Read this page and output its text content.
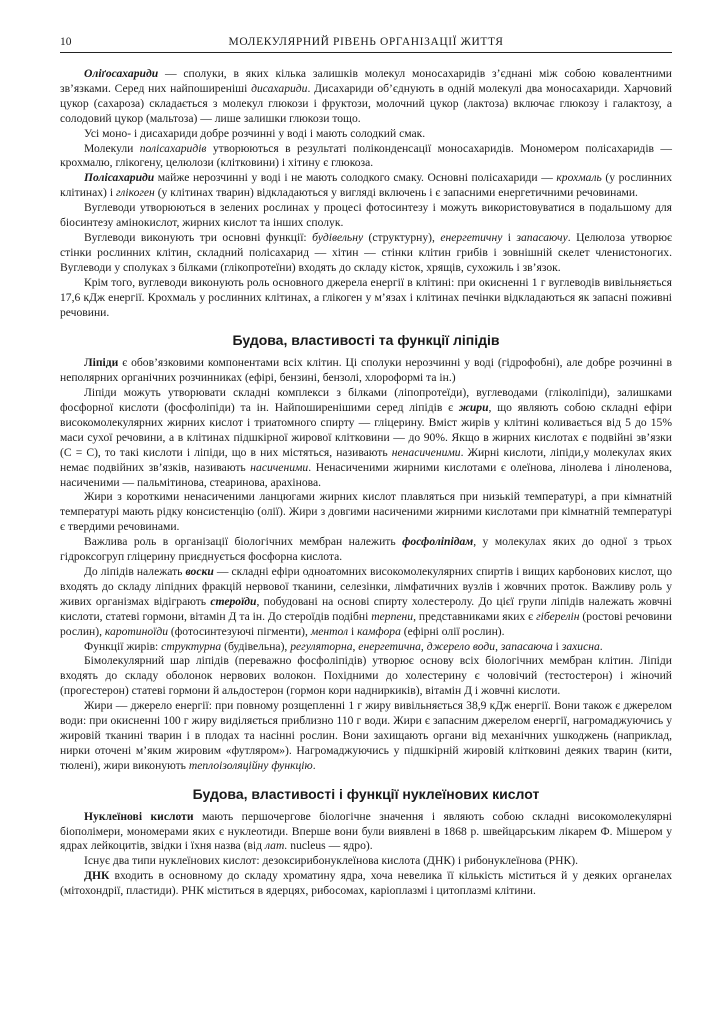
10	МОЛЕКУЛЯРНИЙ РІВЕНЬ ОРГАНІЗАЦІЇ ЖИТТЯ

Оліґосахариди — сполуки, в яких кілька залишків молекул моносахаридів з’єднані між собою ковалентними зв’язками. Серед них найпоширеніші дисахариди. Дисахариди об’єднують в одній молекулі два моносахариди. Харчовий цукор (сахароза) складається з молекул глюкози і фруктози, молочний цукор (лактоза) включає глюкозу і галактозу, а солодовий цукор (мальтоза) — лише залишки глюкози тощо.

Усі моно- і дисахариди добре розчинні у воді і мають солодкий смак.

Молекули полісахаридів утворюються в результаті поліконденсації моносахаридів. Мономером полісахаридів — крохмалю, глікогену, целюлози (клітковини) і хітину є глюкоза.

Полісахариди майже нерозчинні у воді і не мають солодкого смаку. Основні полісахариди — крохмаль (у рослинних клітинах) і глікоген (у клітинах тварин) відкладаються у вигляді включень і є запасними енергетичними речовинами.

Вуглеводи утворюються в зелених рослинах у процесі фотосинтезу і можуть використовуватися в подальшому для біосинтезу амінокислот, жирних кислот та інших сполук.

Вуглеводи виконують три основні функції: будівельну (структурну), енергетичну і запасаючу. Целюлоза утворює стінки рослинних клітин, складний полісахарид — хітин — стінки клітин грибів і зовнішній скелет членистоногих. Вуглеводи у сполуках з білками (глікопротеїни) входять до складу кісток, хрящів, сухожиль і зв’язок.

Крім того, вуглеводи виконують роль основного джерела енергії в клітині: при окисненні 1 г вуглеводів вивільняється 17,6 кДж енергії. Крохмаль у рослинних клітинах, а глікоген у м’язах і клітинах печінки відкладаються як запасні поживні речовини.

Будова, властивості та функції ліпідів

Ліпіди є обов’язковими компонентами всіх клітин. Ці сполуки нерозчинні у воді (гідрофобні), але добре розчинні в неполярних органічних розчинниках (ефірі, бензині, бензолі, хлороформі та ін.)

Ліпіди можуть утворювати складні комплекси з білками (ліпопротеїди), вуглеводами (гліколіпіди), залишками фосфорної кислоти (фосфоліпіди) та ін. Найпоширенішими серед ліпідів є жири, що являють собою складні ефіри високомолекулярних жирних кислот і триатомного спирту — гліцерину. Вміст жирів у клітині коливається від 5 до 15% маси сухої речовини, а в клітинах підшкірної жирової клітковини — до 90%. Якщо в жирних кислотах є подвійні зв’язки (С = С), то такі кислоти і ліпіди, що в них містяться, називають ненасиченими. Жирні кислоти, ліпіди,у молекулах яких немає подвійних зв’язків, називають насиченими. Ненасиченими жирними кислотами є олеїнова, лінолева і ліноленова, насиченими — пальмітинова, стеаринова, арахінова.

Жири з короткими ненасиченими ланцюгами жирних кислот плавляться при низькій температурі, а при кімнатній температурі мають рідку консистенцію (олії). Жири з довгими насиченими жирними кислотами при кімнатній температурі є твердими речовинами.

Важлива роль в організації біологічних мембран належить фосфоліпідам, у молекулах яких до одної з трьох гідроксогруп гліцерину приєднується фосфорна кислота.

До ліпідів належать воски — складні ефіри одноатомних високомолекулярних спиртів і вищих карбонових кислот, що входять до складу ліпідних фракцій нервової тканини, селезінки, лімфатичних вузлів і жовчних проток. Важливу роль у живих організмах відіграють стероїди, побудовані на основі спирту холестеролу. До цієї групи ліпідів належать жовчні кислоти, статеві гормони, вітамін Д та ін. До стероїдів подібні терпени, представниками яких є гіберелін (ростові речовини рослин), каротиноїди (фотосинтезуючі пігменти), ментол і камфора (ефірні олії рослин).

Функції жирів: структурна (будівельна), регуляторна, енергетична, джерело води, запасаюча і захисна.

Бімолекулярний шар ліпідів (переважно фосфоліпідів) утворює основу всіх біологічних мембран клітин. Ліпіди входять до складу оболонок нервових волокон. Похідними до холестерину є чоловічий (тестостерон) і жіночий (прогестерон) статеві гормони й альдостерон (гормон кори надниркиків), вітамін Д і жовчні кислоти.

Жири — джерело енергії: при повному розщепленні 1 г жиру вивільняється 38,9 кДж енергії. Вони також є джерелом води: при окисненні 100 г жиру виділяється приблизно 110 г води. Жири є запасним джерелом енергії, нагромаджуючись у жировій тканині тварин і в плодах та насінні рослин. Вони захищають органи від механічних ушкоджень (наприклад, нирки оточені м’яким жировим «футляром»). Нагромаджуючись у підшкірній жировій клітковині деяких тварин (кити, тюлені), жири виконують теплоізоляційну функцію.

Будова, властивості і функції нуклеїнових кислот

Нуклеїнові кислоти мають першочергове біологічне значення і являють собою складні високомолекулярні біополімери, мономерами яких є нуклеотиди. Вперше вони були виявлені в 1868 р. швейцарським лікарем Ф. Мішером у ядрах лейкоцитів, звідки і їхня назва (від лат. nucleus — ядро).

Існує два типи нуклеїнових кислот: дезоксирибонуклеїнова кислота (ДНК) і рибонуклеїнова (РНК).

ДНК входить в основному до складу хроматину ядра, хоча невелика її кількість міститься й у деяких органелах (мітохондрії, пластиди). РНК міститься в ядерцях, рибосомах, каріоплазмі і цитоплазмі клітини.
